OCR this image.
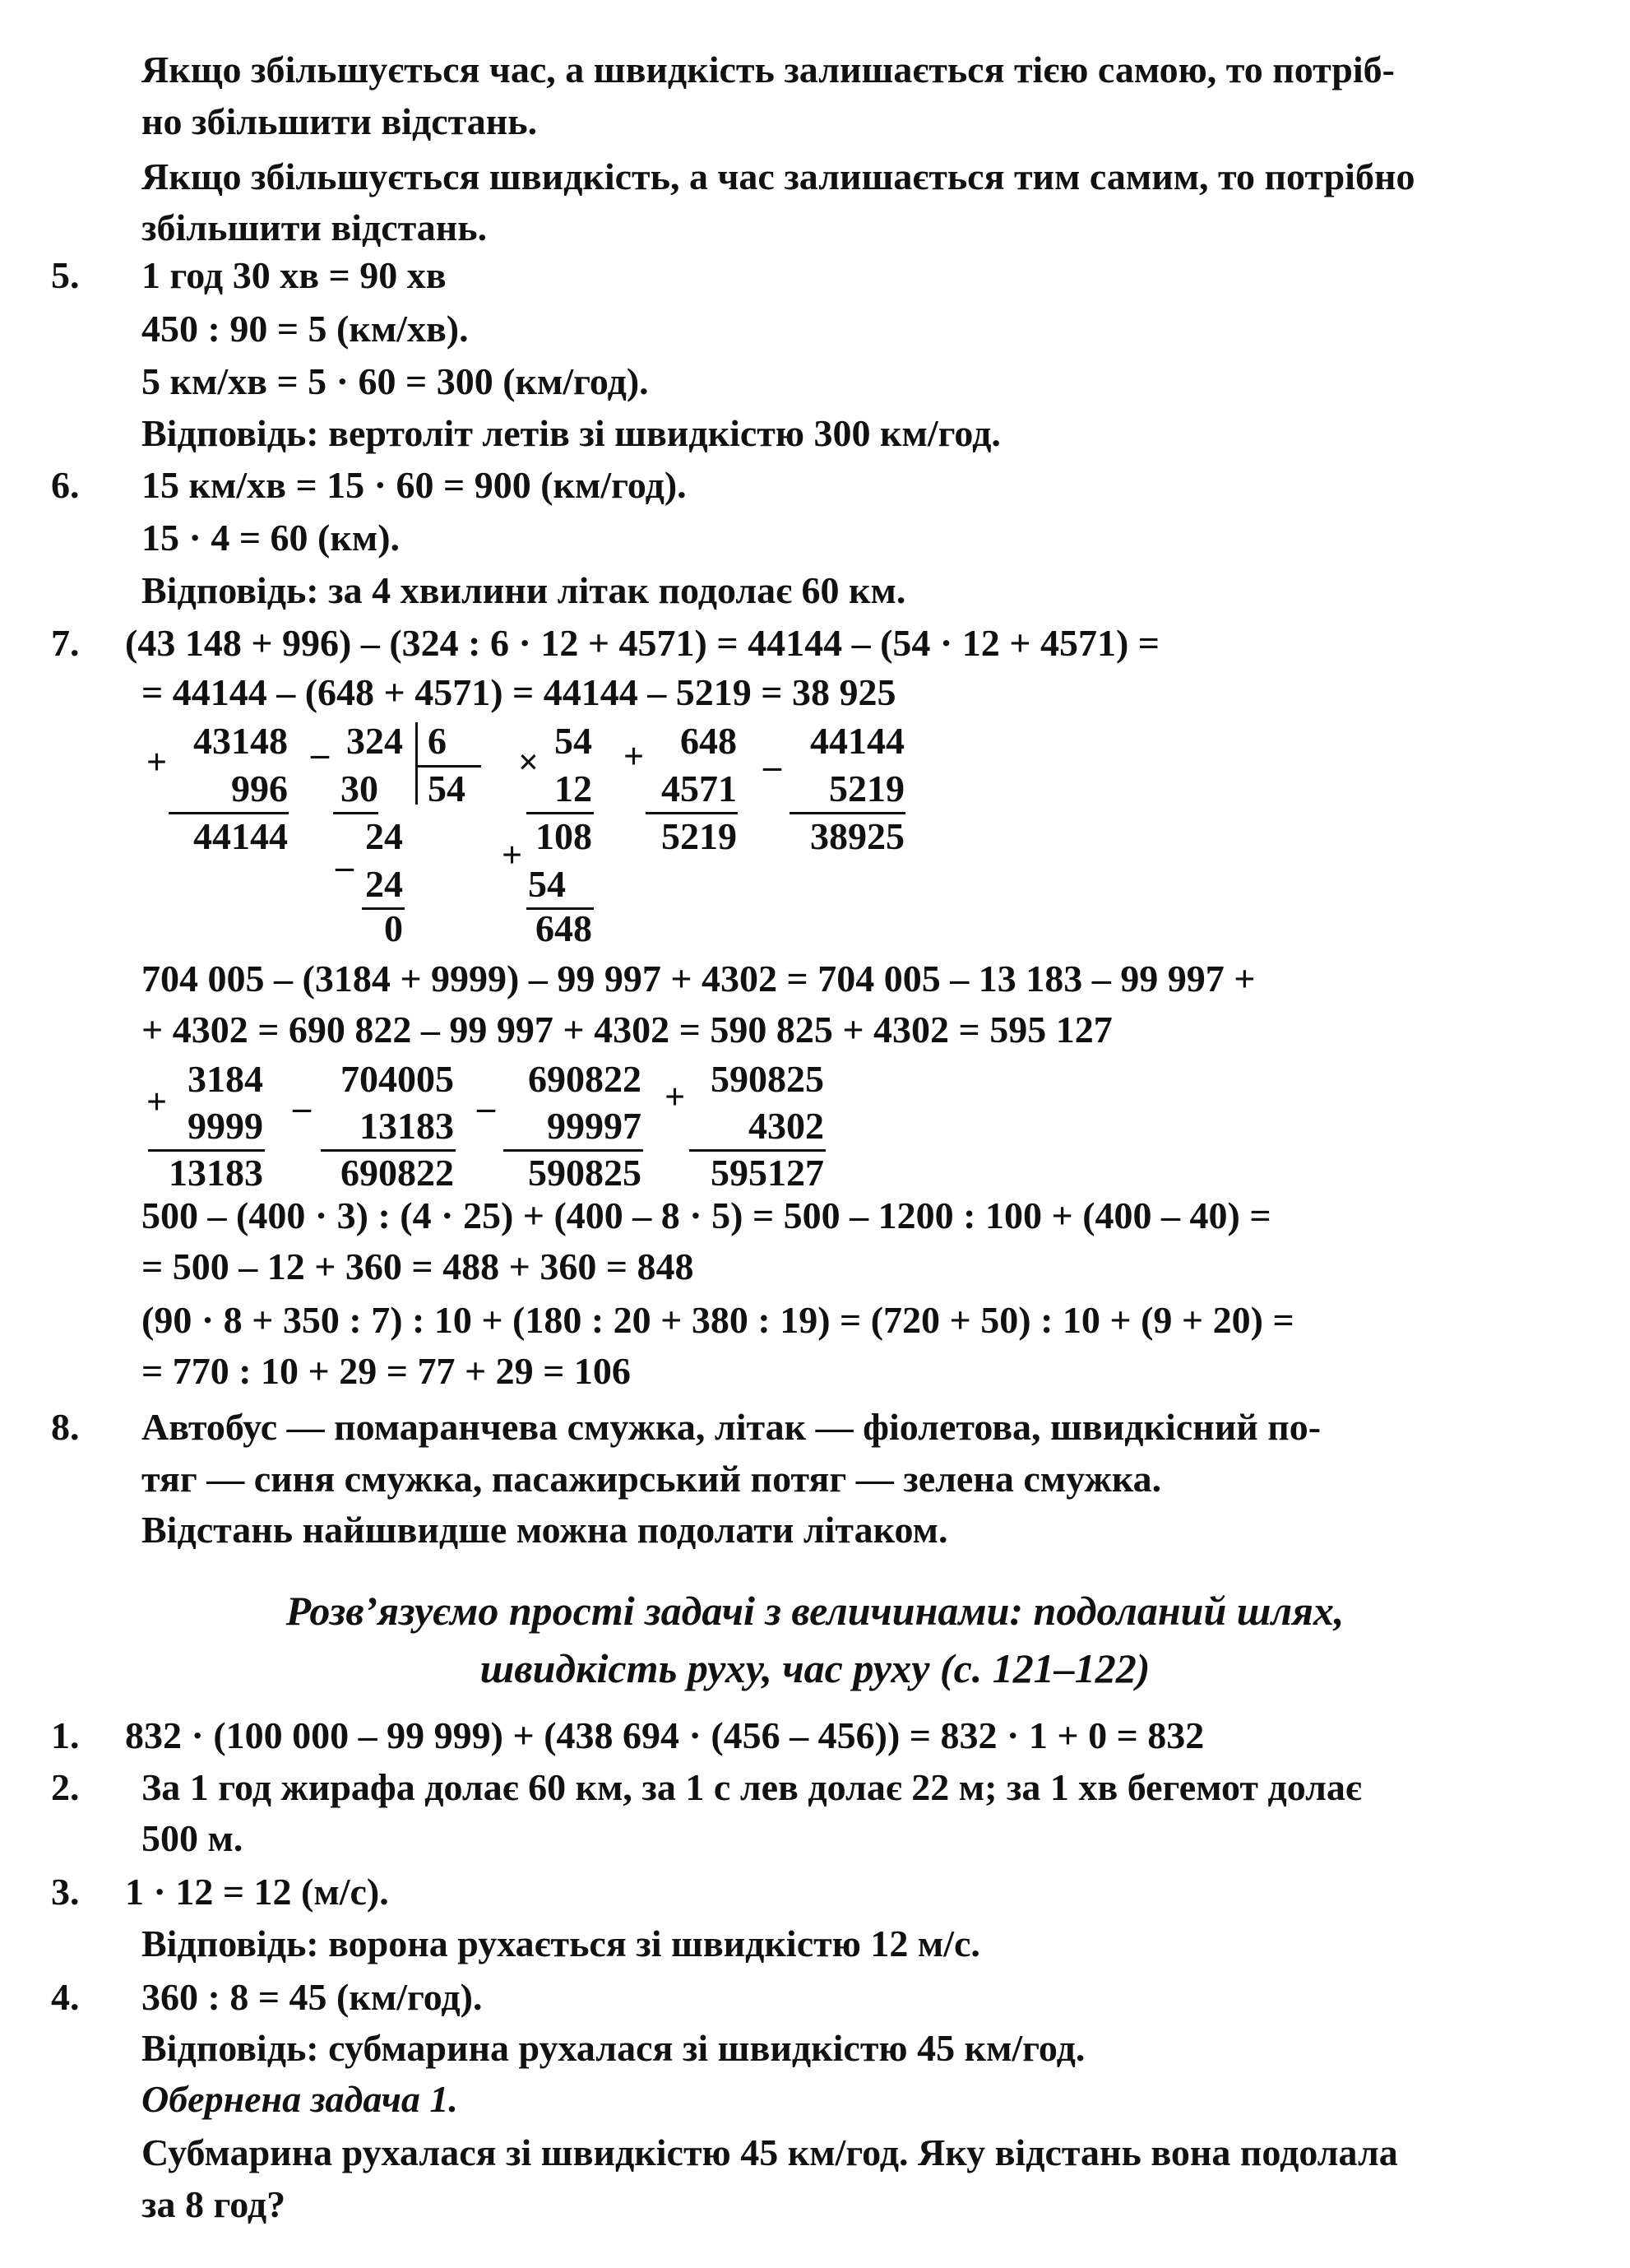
Якщо збільшується час, а швидкість залишається тією самою, то потріб-
но збільшити відстань.
Якщо збільшується швидкість, а час залишається тим самим, то потрібно
збільшити відстань.
5. 1 год 30 хв = 90 хв
450 : 90 = 5 (км/хв).
5 км/хв = 5 · 60 = 300 (км/год).
Відповідь: вертоліт летів зі швидкістю 300 км/год.
6. 15 км/хв = 15 · 60 = 900 (км/год).
15 · 4 = 60 (км).
Відповідь: за 4 хвилини літак подолає 60 км.
7. (43 148 + 996) – (324 : 6 · 12 + 4571) = 44144 – (54 · 12 + 4571) =
= 44144 – (648 + 4571) = 44144 – 5219 = 38 925
+
43148
996
44144
– 324 6
54
30
24
– 24
0
×
54
12
108
+
54
648
+ 648
4571
5219
–
44144
5219
38925
704 005 – (3184 + 9999) – 99 997 + 4302 = 704 005 – 13 183 – 99 997 +
+ 4302 = 690 822 – 99 997 + 4302 = 590 825 + 4302 = 595 127
+
3184
9999
13183
–
704005
13183
690822
–
690822
99997
590825
+ 590825
4302
595127
500 – (400 · 3) : (4 · 25) + (400 – 8 · 5) = 500 – 1200 : 100 + (400 – 40) =
= 500 – 12 + 360 = 488 + 360 = 848
(90 · 8 + 350 : 7) : 10 + (180 : 20 + 380 : 19) = (720 + 50) : 10 + (9 + 20) =
= 770 : 10 + 29 = 77 + 29 = 106
8. Автобус — помаранчева смужка, літак — фіолетова, швидкісний по-
тяг — синя смужка, пасажирський потяг — зелена смужка.
Відстань найшвидше можна подолати літаком.
Розв’язуємо прості задачі з величинами: подоланий шлях,
швидкість руху, час руху (с. 121–122)
1. 832 · (100 000 – 99 999) + (438 694 · (456 – 456)) = 832 · 1 + 0 = 832
2. За 1 год жирафа долає 60 км, за 1 с лев долає 22 м; за 1 хв бегемот долає
500 м.
3. 1 · 12 = 12 (м/с).
Відповідь: ворона рухається зі швидкістю 12 м/с.
4. 360 : 8 = 45 (км/год).
Відповідь: субмарина рухалася зі швидкістю 45 км/год.
Обернена задача 1.
Субмарина рухалася зі швидкістю 45 км/год. Яку відстань вона подолала
за 8 год?
